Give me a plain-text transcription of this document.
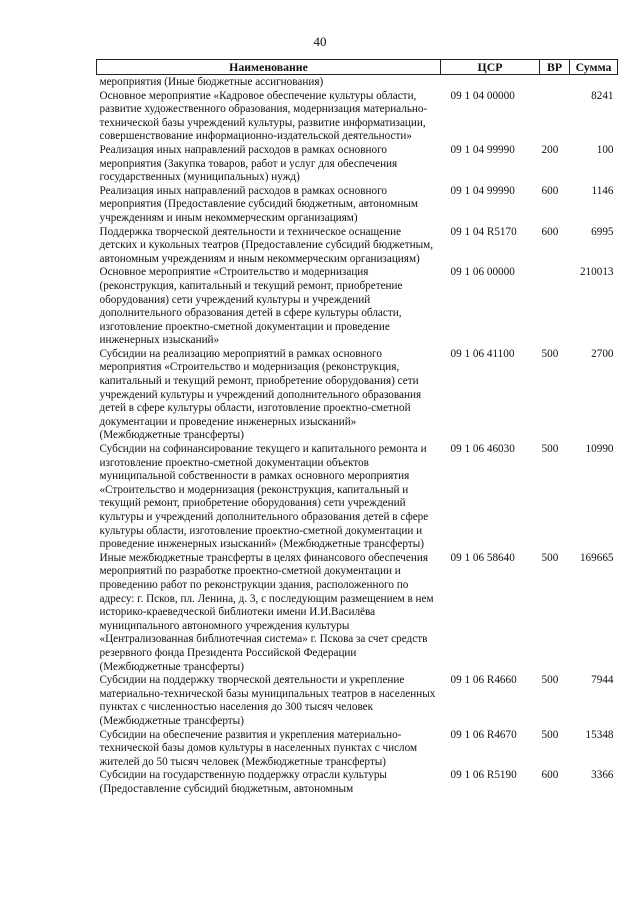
40
Наименование	ЦСР	ВР	Сумма
мероприятия (Иные бюджетные ассигнования)			
Основное мероприятие «Кадровое обеспечение культуры области, развитие художественного образования, модернизация материально-технической базы учреждений культуры, развитие информатизации, совершенствование информационно-издательской деятельности»	09 1 04 00000		8241
Реализация иных направлений расходов в рамках основного мероприятия (Закупка товаров, работ и услуг для обеспечения государственных (муниципальных) нужд)	09 1 04 99990	200	100
Реализация иных направлений расходов в рамках основного мероприятия (Предоставление субсидий бюджетным, автономным учреждениям и иным некоммерческим организациям)	09 1 04 99990	600	1146
Поддержка творческой деятельности и техническое оснащение детских и кукольных театров (Предоставление субсидий бюджетным, автономным учреждениям и иным некоммерческим организациям)	09 1 04 R5170	600	6995
Основное мероприятие «Строительство и модернизация (реконструкция, капитальный и текущий ремонт, приобретение оборудования) сети учреждений культуры и учреждений дополнительного образования детей в сфере культуры области, изготовление проектно-сметной документации и проведение инженерных изысканий»	09 1 06 00000		210013
Субсидии на реализацию мероприятий в рамках основного мероприятия «Строительство и модернизация (реконструкция, капитальный и текущий ремонт, приобретение оборудования) сети учреждений культуры и учреждений дополнительного образования детей в сфере культуры области, изготовление проектно-сметной документации и проведение инженерных изысканий» (Межбюджетные трансферты)	09 1 06 41100	500	2700
Субсидии на софинансирование текущего и капитального ремонта и изготовление проектно-сметной документации объектов муниципальной собственности в рамках основного мероприятия «Строительство и модернизация (реконструкция, капитальный и текущий ремонт, приобретение оборудования) сети учреждений культуры и учреждений дополнительного образования детей в сфере культуры области, изготовление проектно-сметной документации и проведение инженерных изысканий» (Межбюджетные трансферты)	09 1 06 46030	500	10990
Иные межбюджетные трансферты в целях финансового обеспечения мероприятий по разработке проектно-сметной документации и проведению работ по реконструкции здания, расположенного по адресу: г. Псков, пл. Ленина, д. 3, с последующим размещением в нем историко-краеведческой библиотеки имени И.И.Василёва муниципального автономного учреждения культуры «Централизованная библиотечная система» г. Пскова за счет средств резервного фонда Президента Российской Федерации (Межбюджетные трансферты)	09 1 06 58640	500	169665
Субсидии на поддержку творческой деятельности и укрепление материально-технической базы муниципальных театров в населенных пунктах с численностью населения до 300 тысяч человек (Межбюджетные трансферты)	09 1 06 R4660	500	7944
Субсидии на обеспечение развития и укрепления материально-технической базы домов культуры в населенных пунктах с числом жителей до 50 тысяч человек (Межбюджетные трансферты)	09 1 06 R4670	500	15348
Субсидии на государственную поддержку отрасли культуры (Предоставление субсидий бюджетным, автономным	09 1 06 R5190	600	3366
